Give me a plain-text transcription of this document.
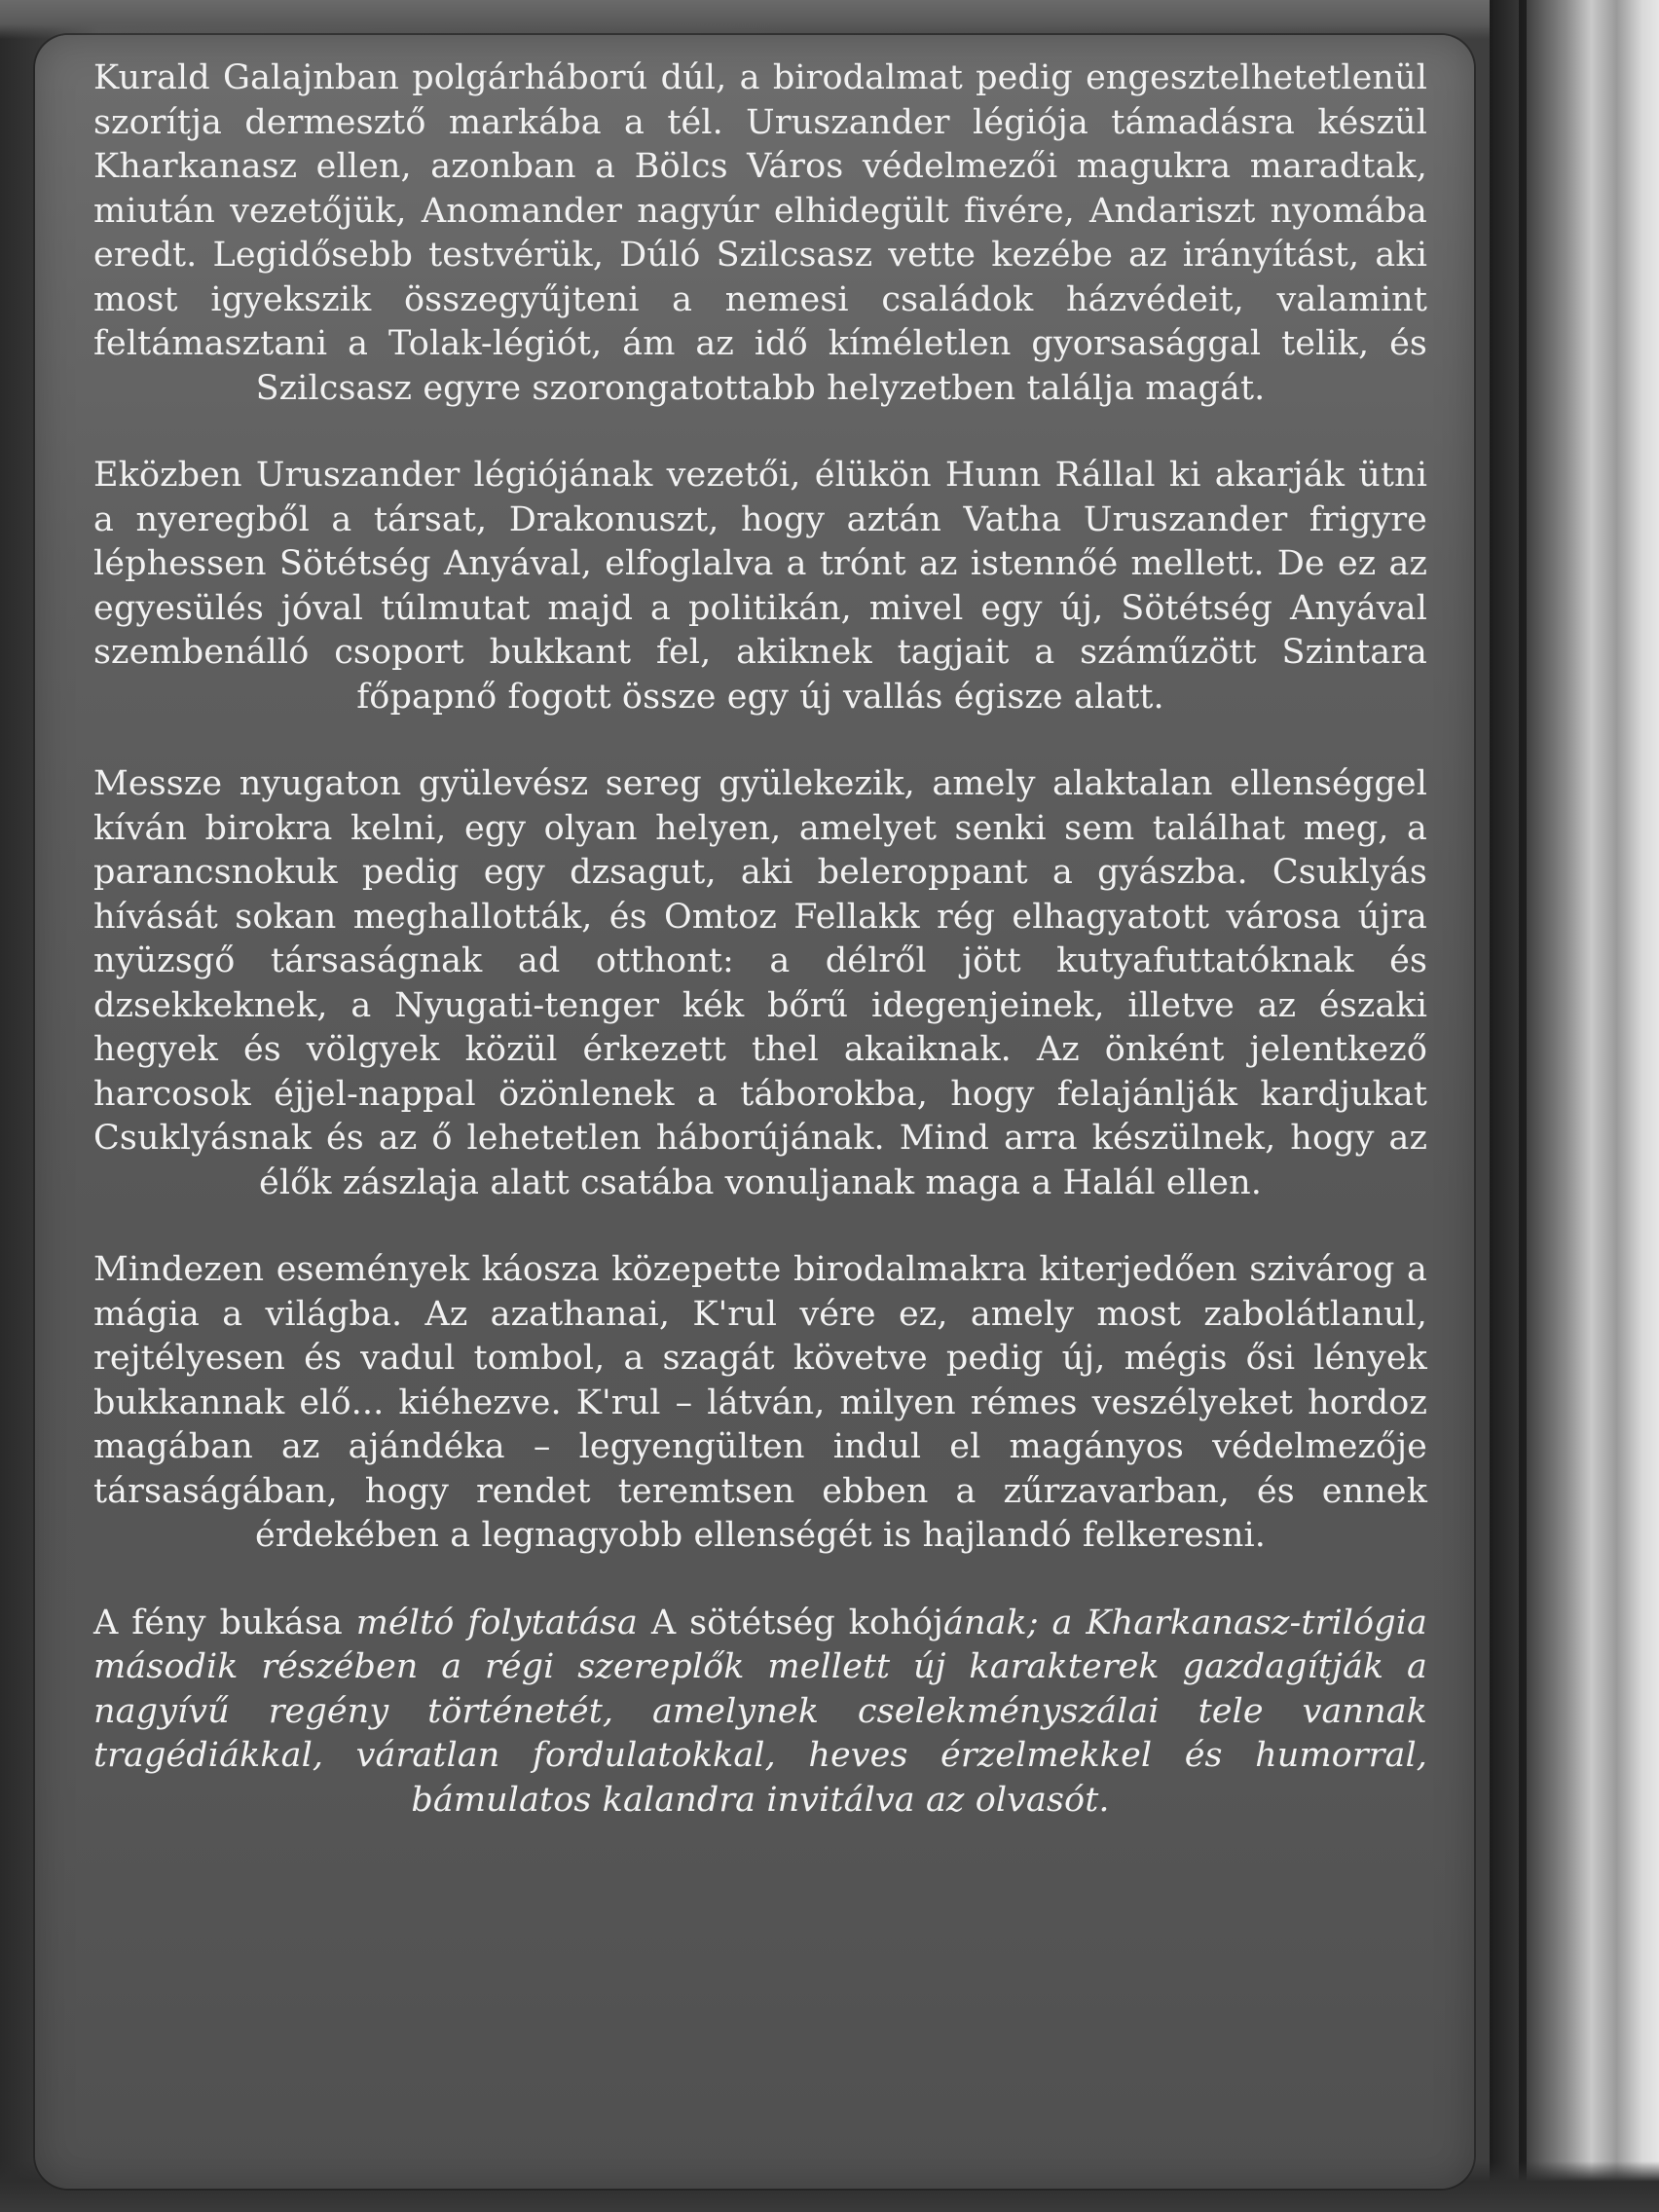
Kurald Galajnban polgárháború dúl, a birodalmat pedig engesztelhetetlenül szorítja dermesztő markába a tél. Uruszander légiója támadásra készül Kharkanasz ellen, azonban a Bölcs Város védelmezői magukra maradtak, miután vezetőjük, Anomander nagyúr elhidegült fivére, Andariszt nyomába eredt. Legidősebb testvérük, Dúló Szilcsasz vette kezébe az irányítást, aki most igyekszik összegyűjteni a nemesi családok házvédeit, valamint feltámasztani a Tolak-légiót, ám az idő kíméletlen gyorsasággal telik, és Szilcsasz egyre szorongatottabb helyzetben találja magát.

Eközben Uruszander légiójának vezetői, élükön Hunn Rállal ki akarják ütni a nyeregből a társat, Drakonuszt, hogy aztán Vatha Uruszander frigyre léphessen Sötétség Anyával, elfoglalva a trónt az istennőé mellett. De ez az egyesülés jóval túlmutat majd a politikán, mivel egy új, Sötétség Anyával szembenálló csoport bukkant fel, akiknek tagjait a száműzött Szintara főpapnő fogott össze egy új vallás égisze alatt.

Messze nyugaton gyülevész sereg gyülekezik, amely alaktalan ellenséggel kíván birokra kelni, egy olyan helyen, amelyet senki sem találhat meg, a parancsnokuk pedig egy dzsagut, aki beleroppant a gyászba. Csuklyás hívását sokan meghallották, és Omtoz Fellakk rég elhagyatott városa újra nyüzsgő társaságnak ad otthont: a délről jött kutyafuttatóknak és dzsekkeknek, a Nyugati-tenger kék bőrű idegenjeinek, illetve az északi hegyek és völgyek közül érkezett thel akaiknak. Az önként jelentkező harcosok éjjel-nappal özönlenek a táborokba, hogy felajánlják kardjukat Csuklyásnak és az ő lehetetlen háborújának. Mind arra készülnek, hogy az élők zászlaja alatt csatába vonuljanak maga a Halál ellen.

Mindezen események káosza közepette birodalmakra kiterjedően szivárog a mágia a világba. Az azathanai, K'rul vére ez, amely most zabolátlanul, rejtélyesen és vadul tombol, a szagát követve pedig új, mégis ősi lények bukkannak elő... kiéhezve. K'rul – látván, milyen rémes veszélyeket hordoz magában az ajándéka – legyengülten indul el magányos védelmezője társaságában, hogy rendet teremtsen ebben a zűrzavarban, és ennek érdekében a legnagyobb ellenségét is hajlandó felkeresni.

A fény bukása méltó folytatása A sötétség kohójának; a Kharkanasz-trilógia második részében a régi szereplők mellett új karakterek gazdagítják a nagyívű regény történetét, amelynek cselekményszálai tele vannak tragédiákkal, váratlan fordulatokkal, heves érzelmekkel és humorral, bámulatos kalandra invitálva az olvasót.
